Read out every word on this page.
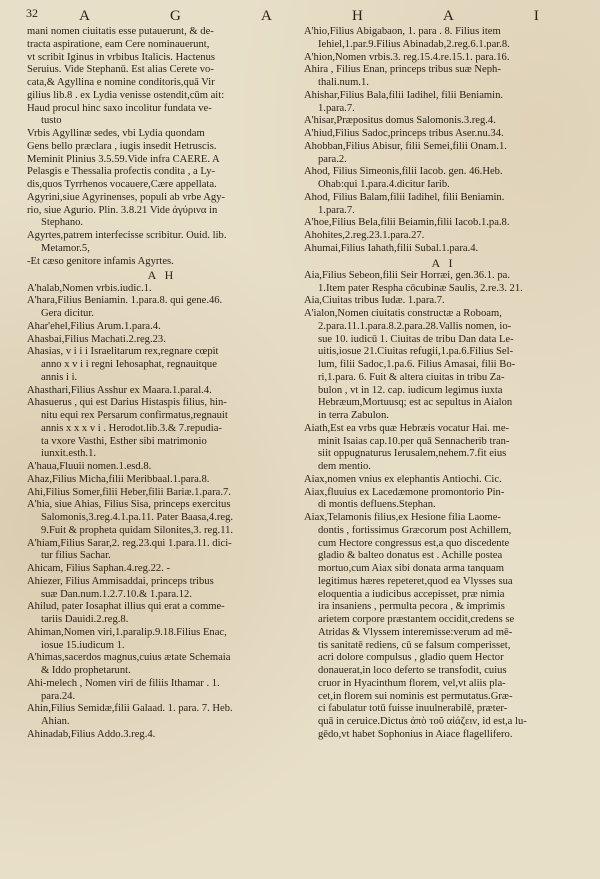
32	A	G	A	H	A	I
mani nomen ciuitatis esse putauerunt, & de-
tracta aspiratione, eam Cere nominauerunt,
vt scribit Iginus in vrbibus Italicis. Hactenus
Seruius. Vide Stephanū. Est alias Cerete vo-
cata,& Agyllina e nomine conditoris,quā Vir
gilius lib.8 . ex Lydia venisse ostendit,cūm ait:
Haud procul hinc saxo incolitur fundata ve-
tusto
Vrbis Agyllinæ sedes, vbi Lydia quondam
Gens bello præclara , iugis insedit Hetruscis.
Meminit Plinius 3.5.59.Vide infra CAERE. A
Pelasgis e Thessalia profectis condita , a Ly-
dis,quos Tyrrhenos vocauere,Cære appellata.
Agyrini,siue Agyrinenses, populi ab vrbe Agy-
rio, siue Agurio. Plin. 3.8.21 Vide ἀγύρινα in
Stephano.
Agyrtes,patrem interfecisse scribitur. Ouid. lib.
Metamor.5,
-Et cæso genitore infamis Agyrtes.
A H
A'halab,Nomen vrbis.iudic.1.
A'hara,Filius Beniamin. 1.para.8. qui gene.46.
Gera dicitur.
Ahar'ehel,Filius Arum.1.para.4.
Ahasbai,Filius Machati.2.reg.23.
Ahasias, v i i i Israelitarum rex,regnare cœpit
anno x v i i regni Iehosaphat, regnauitque
annis i i.
Ahasthari,Filius Asshur ex Maara.1.paral.4.
Ahasuerus , qui est Darius Histaspis filius, hin-
nitu equi rex Persarum confirmatus,regnauit
annis x x x v i . Herodot.lib.3.& 7.repudia-
ta vxore Vasthi, Esther sibi matrimonio
iunxit.esth.1.
A'haua,Fluuii nomen.1.esd.8.
Ahaz,Filius Micha,filii Meribbaal.1.para.8.
Ahi,Filius Somer,filii Heber,filii Bariæ.1.para.7.
A'hia, siue Ahias, Filius Sisa, princeps exercitus
Salomonis,3.reg.4.1.pa.11. Pater Baasa,4.reg.
9.Fuit & propheta quidam Silonites,3. reg.11.
A'hiam,Filius Sarar,2. reg.23.qui 1.para.11. dici-
tur filius Sachar.
Ahicam, Filius Saphan.4.reg.22. -
Ahiezer, Filius Ammisaddai, princeps tribus
suæ Dan.num.1.2.7.10.& 1.para.12.
Ahilud, pater Iosaphat illius qui erat a comme-
tariis Dauidi.2.reg.8.
Ahiman,Nomen viri,1.paralip.9.18.Filius Enac,
iosue 15.iudicum 1.
A'himas,sacerdos magnus,cuius ætate Schemaia
& Iddo prophetarunt.
Ahi-melech , Nomen viri de filiis Ithamar . 1.
para.24.
Ahin,Filius Semidæ,filii Galaad. 1. para. 7. Heb.
Ahian.
Ahinadab,Filius Addo.3.reg.4.
A'hio,Filius Abigabaon, 1. para . 8. Filius item
Iehiel,1.par.9.Filius Abinadab,2.reg.6.1.par.8.
A'hion,Nomen vrbis.3. reg.15.4.re.15.1. para.16.
Ahira , Filius Enan, princeps tribus suæ Neph-
thali.num.1.
Ahishar,Filius Bala,filii Iadihel, filii Beniamin.
1.para.7.
A'hisar,Præpositus domus Salomonis.3.reg.4.
A'hiud,Filius Sadoc,princeps tribus Aser.nu.34.
Ahobban,Filius Abisur, filii Semei,filii Onam.1.
para.2.
Ahod, Filius Simeonis,filii Iacob. gen. 46.Heb.
Ohab:qui 1.para.4.dicitur Iarib.
Ahod, Filius Balam,filii Iadihel, filii Beniamin.
1.para.7.
A'hoe,Filius Bela,filii Beiamin,filii Iacob.1.pa.8.
Ahohites,2.reg.23.1.para.27.
Ahumai,Filius Iahath,filii Subal.1.para.4.
A I
Aia,Filius Sebeon,filii Seir Horræi, gen.36.1. pa.
1.Item pater Respha cōcubinæ Saulis, 2.re.3. 21.
Aia,Ciuitas tribus Iudæ. 1.para.7.
A'ialon,Nomen ciuitatis constructæ a Roboam,
2.para.11.1.para.8.2.para.28.Vallis nomen, io-
sue 10. iudicū 1. Ciuitas de tribu Dan data Le-
uitis,iosue 21.Ciuitas refugii,1.pa.6.Filius Sel-
lum, filii Sadoc,1.pa.6. Filius Amasai, filii Bo-
ri,1.para. 6. Fuit & altera ciuitas in tribu Za-
bulon , vt in 12. cap. iudicum legimus iuxta
Hebræum,Mortuusq; est ac sepultus in Aialon
in terra Zabulon.
Aiath,Est ea vrbs quæ Hebræis vocatur Hai. me-
minit Isaias cap.10.per quā Sennacherib tran-
siit oppugnaturus Ierusalem,nehem.7.fit eius
dem mentio.
Aiax,nomen vnius ex elephantis Antiochi. Cic.
Aiax,fluuius ex Lacedæmone promontorio Pin-
di montis defluens.Stephan.
Aiax,Telamonis filius,ex Hesione filia Laome-
dontis , fortissimus Græcorum post Achillem,
cum Hectore congressus est,a quo discedente
gladio & balteo donatus est . Achille postea
mortuo,cum Aiax sibi donata arma tanquam
legitimus hæres repeteret,quod ea Vlysses sua
eloquentia a iudicibus accepisset, præ nimia
ira insaniens , permulta pecora , & imprimis
arietem corpore præstantem occidit,credens se
Atridas & Vlyssem interemisse:verum ad mē-
tis sanitatē rediens, cū se falsum comperisset,
acri dolore compulsus , gladio quem Hector
donauerat,in loco deferto se transfodit, cuius
cruor in Hyacinthum florem, vel,vt aliis pla-
cet,in florem sui nominis est permutatus.Græ-
ci fabulatur totū fuisse inuulnerabilē, præter-
quā in ceruice.Dictus ἀπὸ τοῦ αἰάζειν, id est,a lu-
gēdo,vt habet Sophonius in Aiace flagellifero.
